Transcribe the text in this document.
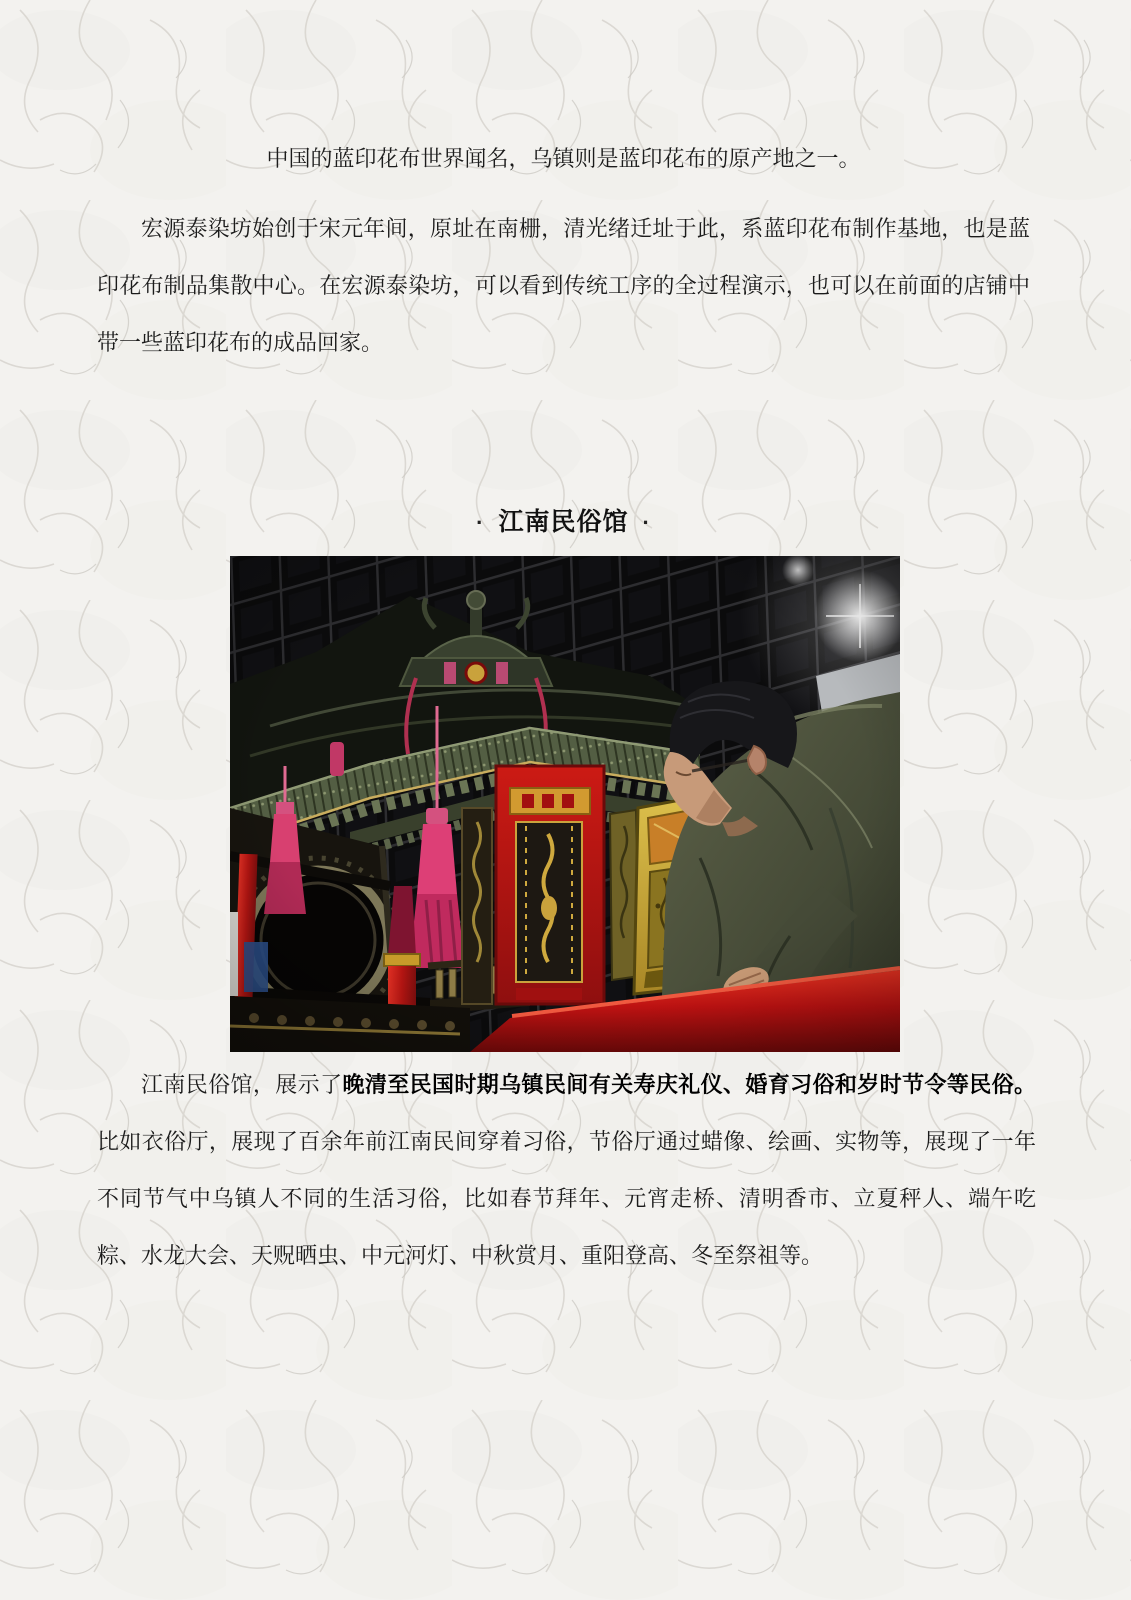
中国的蓝印花布世界闻名，乌镇则是蓝印花布的原产地之一。

宏源泰染坊始创于宋元年间，原址在南栅，清光绪迁址于此，系蓝印花布制作基地，也是蓝印花布制品集散中心。在宏源泰染坊，可以看到传统工序的全过程演示，也可以在前面的店铺中带一些蓝印花布的成品回家。

· 江南民俗馆 ·

江南民俗馆，展示了晚清至民国时期乌镇民间有关寿庆礼仪、婚育习俗和岁时节令等民俗。比如衣俗厅，展现了百余年前江南民间穿着习俗，节俗厅通过蜡像、绘画、实物等，展现了一年不同节气中乌镇人不同的生活习俗，比如春节拜年、元宵走桥、清明香市、立夏秤人、端午吃粽、水龙大会、天贶晒虫、中元河灯、中秋赏月、重阳登高、冬至祭祖等。
